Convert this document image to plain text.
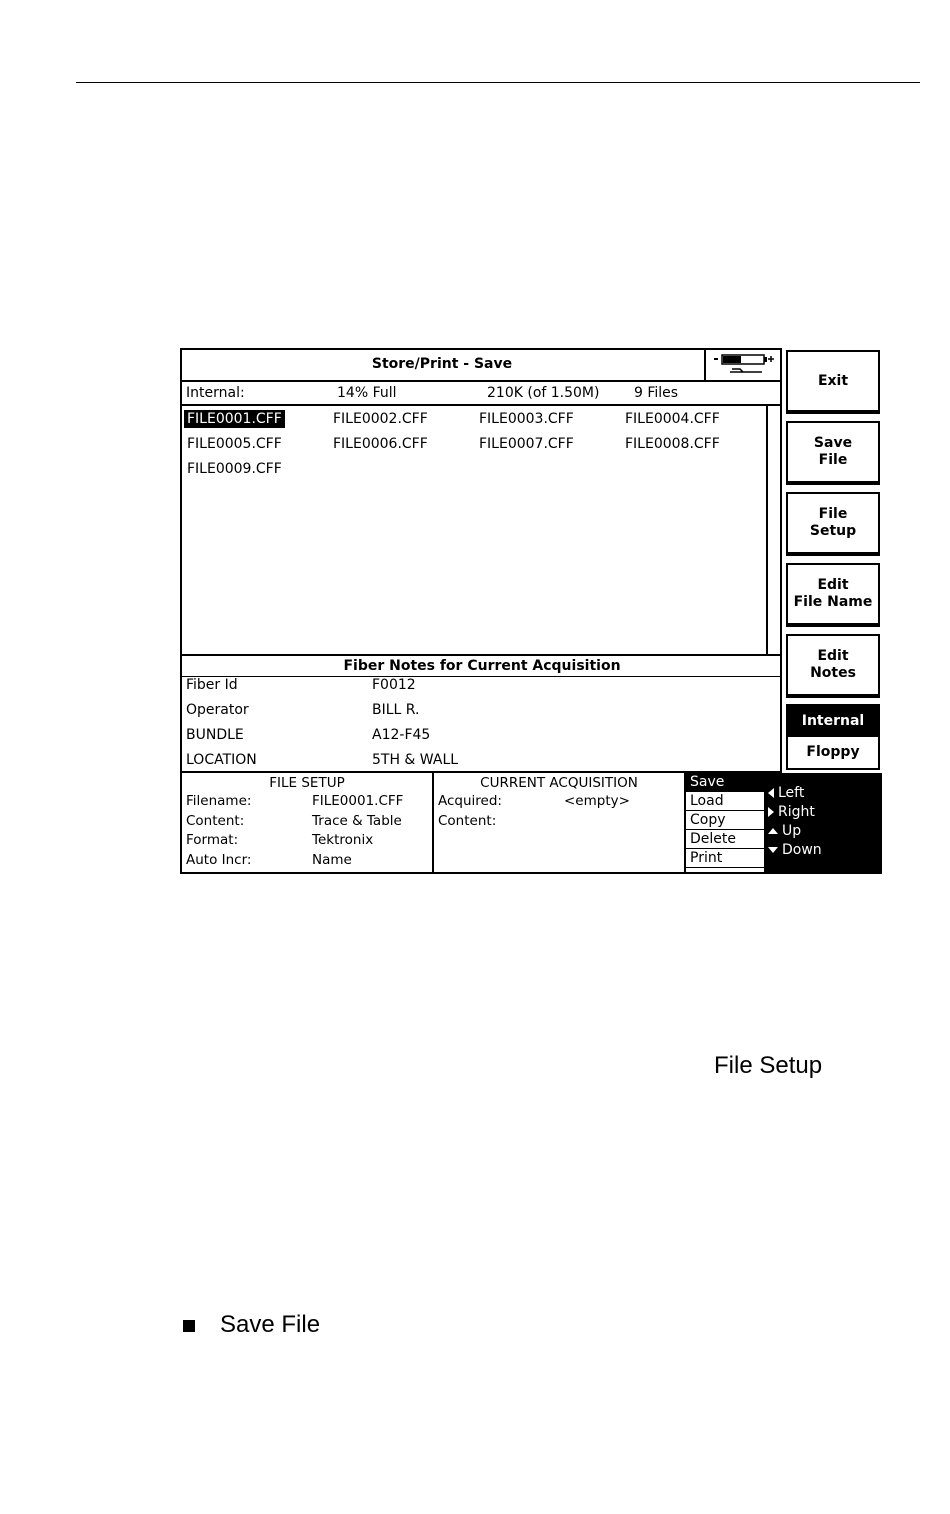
Store/Print - Save
Internal:	14% Full	210K (of 1.50M) 9 Files
FILE0001.CFF	FILE0002.CFF	FILE0003.CFF	FILE0004.CFF
FILE0005.CFF	FILE0006.CFF	FILE0007.CFF	FILE0008.CFF
FILE0009.CFF
Fiber Notes for Current Acquisition
Fiber Id	F0012
Operator	BILL R.
BUNDLE	A12-F45
LOCATION	5TH & WALL
Exit
Save
File
File
Setup
Edit
File Name
Edit
Notes
Internal
Floppy
FILE SETUP
Filename:	FILE0001.CFF
Content:	Trace & Table
Format:	Tektronix
Auto Incr:	Name
CURRENT ACQUISITION
Acquired:	<empty>
Content:
Save
Load
Copy
Delete
Print
Left
Right
Up
Down
File Setup
Save File
